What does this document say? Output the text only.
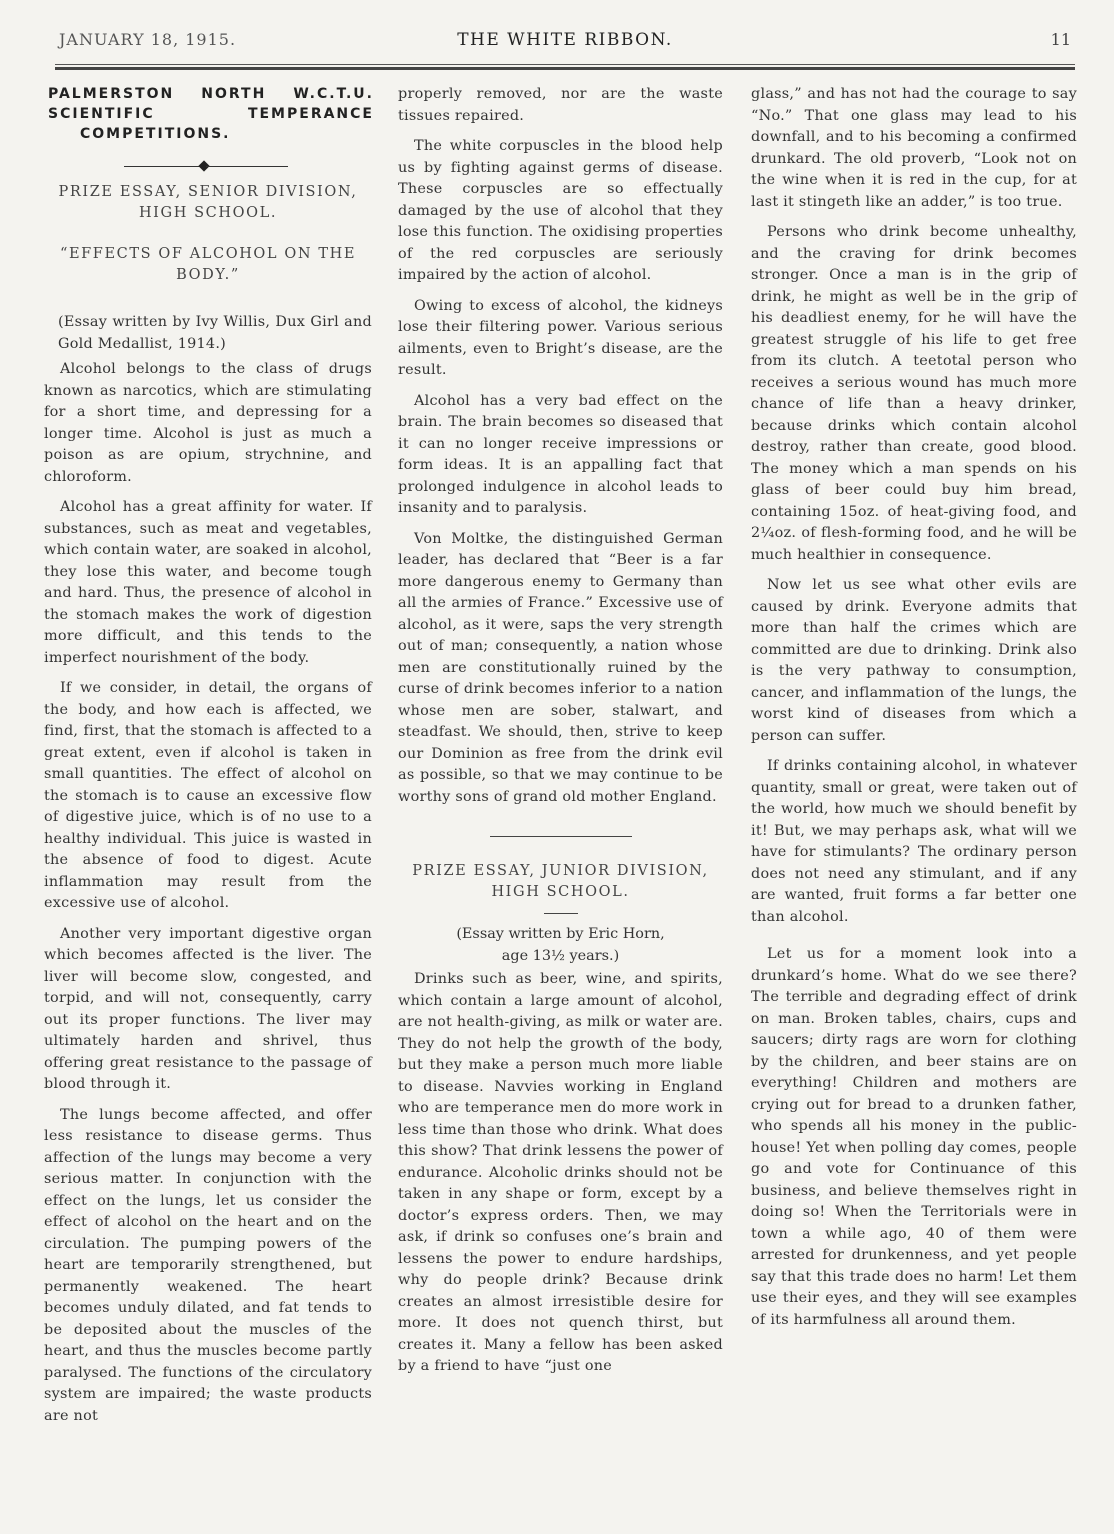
JANUARY 18, 1915.	THE WHITE RIBBON.	11
PALMERSTON NORTH W.C.T.U.
SCIENTIFIC TEMPERANCE
COMPETITIONS.
PRIZE ESSAY, SENIOR DIVISION,
HIGH SCHOOL.
“EFFECTS OF ALCOHOL ON THE
BODY.”

(Essay written by Ivy Willis, Dux Girl and Gold Medallist, 1914.)

Alcohol belongs to the class of drugs known as narcotics, which are stimulating for a short time, and depressing for a longer time. Alcohol is just as much a poison as are opium, strychnine, and chloroform.

Alcohol has a great affinity for water. If substances, such as meat and vegetables, which contain water, are soaked in alcohol, they lose this water, and become tough and hard. Thus, the presence of alcohol in the stomach makes the work of digestion more difficult, and this tends to the imperfect nourishment of the body.

If we consider, in detail, the organs of the body, and how each is affected, we find, first, that the stomach is affected to a great extent, even if alcohol is taken in small quantities. The effect of alcohol on the stomach is to cause an excessive flow of digestive juice, which is of no use to a healthy individual. This juice is wasted in the absence of food to digest. Acute inflammation may result from the excessive use of alcohol.

Another very important digestive organ which becomes affected is the liver. The liver will become slow, congested, and torpid, and will not, consequently, carry out its proper functions. The liver may ultimately harden and shrivel, thus offering great resistance to the passage of blood through it.

The lungs become affected, and offer less resistance to disease germs. Thus affection of the lungs may become a very serious matter. In conjunction with the effect on the lungs, let us consider the effect of alcohol on the heart and on the circulation. The pumping powers of the heart are temporarily strengthened, but permanently weakened. The heart becomes unduly dilated, and fat tends to be deposited about the muscles of the heart, and thus the muscles become partly paralysed. The functions of the circulatory system are impaired; the waste products are not

properly removed, nor are the waste tissues repaired.

The white corpuscles in the blood help us by fighting against germs of disease. These corpuscles are so effectually damaged by the use of alcohol that they lose this function. The oxidising properties of the red corpuscles are seriously impaired by the action of alcohol.

Owing to excess of alcohol, the kidneys lose their filtering power. Various serious ailments, even to Bright’s disease, are the result.

Alcohol has a very bad effect on the brain. The brain becomes so diseased that it can no longer receive impressions or form ideas. It is an appalling fact that prolonged indulgence in alcohol leads to insanity and to paralysis.

Von Moltke, the distinguished German leader, has declared that “Beer is a far more dangerous enemy to Germany than all the armies of France.” Excessive use of alcohol, as it were, saps the very strength out of man; consequently, a nation whose men are constitutionally ruined by the curse of drink becomes inferior to a nation whose men are sober, stalwart, and steadfast. We should, then, strive to keep our Dominion as free from the drink evil as possible, so that we may continue to be worthy sons of grand old mother England.

PRIZE ESSAY, JUNIOR DIVISION,
HIGH SCHOOL.
(Essay written by Eric Horn,
age 13½ years.)

Drinks such as beer, wine, and spirits, which contain a large amount of alcohol, are not health-giving, as milk or water are. They do not help the growth of the body, but they make a person much more liable to disease. Navvies working in England who are temperance men do more work in less time than those who drink. What does this show? That drink lessens the power of endurance. Alcoholic drinks should not be taken in any shape or form, except by a doctor’s express orders. Then, we may ask, if drink so confuses one’s brain and lessens the power to endure hardships, why do people drink? Because drink creates an almost irresistible desire for more. It does not quench thirst, but creates it. Many a fellow has been asked by a friend to have “just one

glass,” and has not had the courage to say “No.” That one glass may lead to his downfall, and to his becoming a confirmed drunkard. The old proverb, “Look not on the wine when it is red in the cup, for at last it stingeth like an adder,” is too true.

Persons who drink become unhealthy, and the craving for drink becomes stronger. Once a man is in the grip of drink, he might as well be in the grip of his deadliest enemy, for he will have the greatest struggle of his life to get free from its clutch. A teetotal person who receives a serious wound has much more chance of life than a heavy drinker, because drinks which contain alcohol destroy, rather than create, good blood. The money which a man spends on his glass of beer could buy him bread, containing 15oz. of heat-giving food, and 2¼oz. of flesh-forming food, and he will be much healthier in consequence.

Now let us see what other evils are caused by drink. Everyone admits that more than half the crimes which are committed are due to drinking. Drink also is the very pathway to consumption, cancer, and inflammation of the lungs, the worst kind of diseases from which a person can suffer.

If drinks containing alcohol, in whatever quantity, small or great, were taken out of the world, how much we should benefit by it! But, we may perhaps ask, what will we have for stimulants? The ordinary person does not need any stimulant, and if any are wanted, fruit forms a far better one than alcohol.

Let us for a moment look into a drunkard’s home. What do we see there? The terrible and degrading effect of drink on man. Broken tables, chairs, cups and saucers; dirty rags are worn for clothing by the children, and beer stains are on everything! Children and mothers are crying out for bread to a drunken father, who spends all his money in the public-house! Yet when polling day comes, people go and vote for Continuance of this business, and believe themselves right in doing so! When the Territorials were in town a while ago, 40 of them were arrested for drunkenness, and yet people say that this trade does no harm! Let them use their eyes, and they will see examples of its harmfulness all around them.
